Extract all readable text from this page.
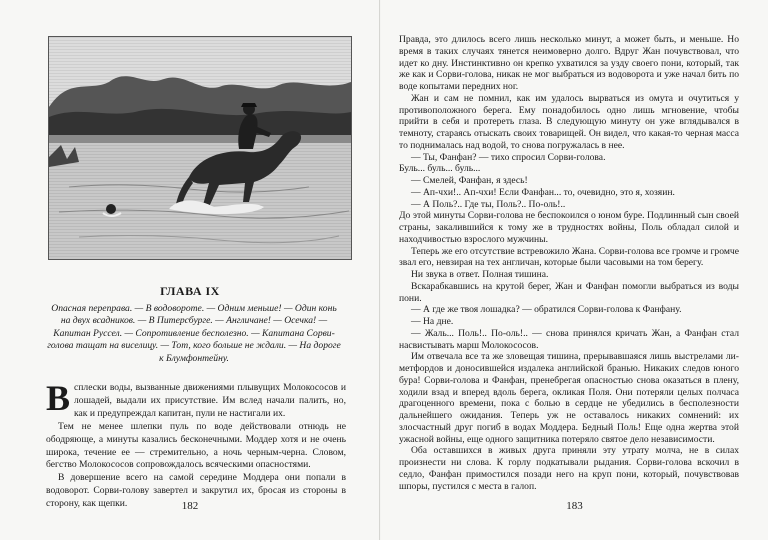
ГЛАВА IX

Опасная переправа. — В водовороте. — Одним меньше! — Один конь на двух всадников. — В Питерсбурге. — Англичане! — Осечка! — Капитан Руссел. — Сопротивление бесполезно. — Капитана Сорви-голова тащат на виселицу. — Тот, кого больше не ждали. — На дороге к Блумфонтейну.

Всплески воды, вызванные движениями плывущих Молокососов и лошадей, выдали их присутствие. Им вслед начали палить, но, как и предупреждал капитан, пули не настигали их.

Тем не менее шлепки пуль по воде действовали отнюдь не ободряюще, а минуты казались бесконечными. Моддер хотя и не очень широка, течение ее — стремительно, а ночь черным-черна. Словом, бегство Молокососов сопровождалось всяческими опасностями.

В довершение всего на самой середине Моддера они попали в водоворот. Сорви-голову завертел и закрутил их, бросая из стороны в сторону, как щепки.	182

Правда, это длилось всего лишь несколько минут, а может быть, и меньше. Но время в таких случаях тянется неимоверно долго. Вдруг Жан почувствовал, что идет ко дну. Инстинктивно он крепко ухватился за узду своего пони, который, так же как и Сорви-голова, никак не мог выбраться из водоворота и уже начал бить по воде копытами передних ног.

Жан и сам не помнил, как им удалось вырваться из омута и очутиться у противоположного берега. Ему понадобилось одно лишь мгновение, чтобы прийти в себя и протереть глаза. В следующую минуту он уже вглядывался в темноту, стараясь отыскать своих товарищей. Он видел, что какая-то черная масса то поднималась над водой, то снова погружалась в нее.

— Ты, Фанфан? — тихо спросил Сорви-голова.

Буль... буль... буль...

— Смелей, Фанфан, я здесь!

— Ап-чхи!.. Ап-чхи! Если Фанфан... то, очевидно, это я, хозяин.

— А Поль?.. Где ты, Поль?.. По-оль!..

До этой минуты Сорви-голова не беспокоился о юном буре. Подлинный сын своей страны, закалившийся к тому же в трудностях войны, Поль обладал силой и находчивостью взрослого мужчины.

Теперь же его отсутствие встревожило Жана. Сорви-голова все громче и громче звал его, невзирая на тех англичан, которые были часовыми на том берегу.

Ни звука в ответ. Полная тишина.

Вскарабкавшись на крутой берег, Жан и Фанфан помогли выбраться из воды пони.

— А где же твоя лошадка? — обратился Сорви-голова к Фанфану.

— На дне.

— Жаль... Поль!.. По-оль!.. — снова принялся кричать Жан, а Фанфан стал насвистывать марш Молокососов.

Им отвечала все та же зловещая тишина, прерывавшаяся лишь выстрелами ли-метфордов и доносившейся издалека английской бранью. Никаких следов юного бура! Сорви-голова и Фанфан, пренебрегая опасностью снова оказаться в плену, ходили взад и вперед вдоль берега, окликая Поля. Они потеряли целых полчаса драгоценного времени, пока с болью в сердце не убедились в бесполезности дальнейшего ожидания. Теперь уж не оставалось никаких сомнений: их злосчастный друг погиб в водах Моддера. Бедный Поль! Еще одна жертва этой ужасной войны, еще одного защитника потеряло святое дело независимости.

Оба оставшихся в живых друга приняли эту утрату молча, не в силах произнести ни слова. К горлу подкатывали рыдания. Сорви-голова вскочил в седло, Фанфан примостился позади него на круп пони, который, почувствовав шпоры, пустился с места в галоп.

183
